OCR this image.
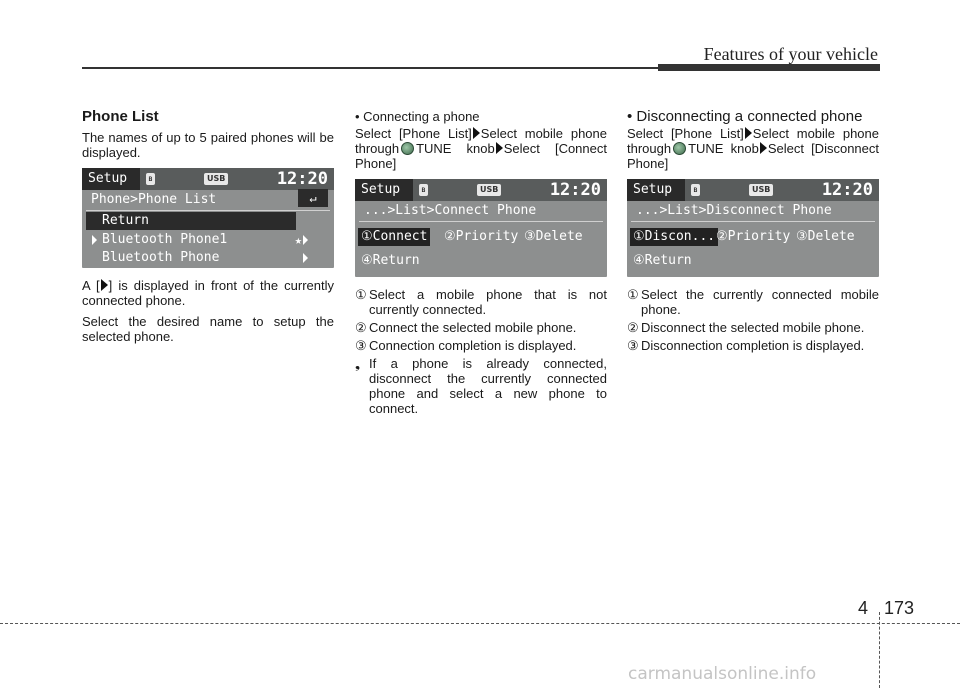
Features of your vehicle
Phone List
The names of up to 5 paired phones will be displayed.
Setup	ʙ	USB	12:20
Phone>Phone List
Return
↵
Bluetooth Phone1	★
Bluetooth Phone
A [ ] is displayed in front of the currently connected phone.
Select the desired name to setup the selected phone.
• Connecting a phone
Select [Phone List] Select mobile phone through TUNE knob Select [Connect Phone]
Setup	ʙ	USB	12:20
...>List>Connect Phone
①Connect ②Priority ③Delete
④Return
① Select a mobile phone that is not currently connected.
② Connect the selected mobile phone.
③ Connection completion is displayed.
❟ If a phone is already connected, disconnect the currently connected phone and select a new phone to connect.
• Disconnecting a connected phone
Select [Phone List] Select mobile phone through TUNE knob Select [Disconnect Phone]
Setup	ʙ	USB	12:20
...>List>Disconnect Phone
①Discon... ②Priority ③Delete
④Return
① Select the currently connected mobile phone.
② Disconnect the selected mobile phone.
③ Disconnection completion is displayed.
4 173
carmanualsonline.info
